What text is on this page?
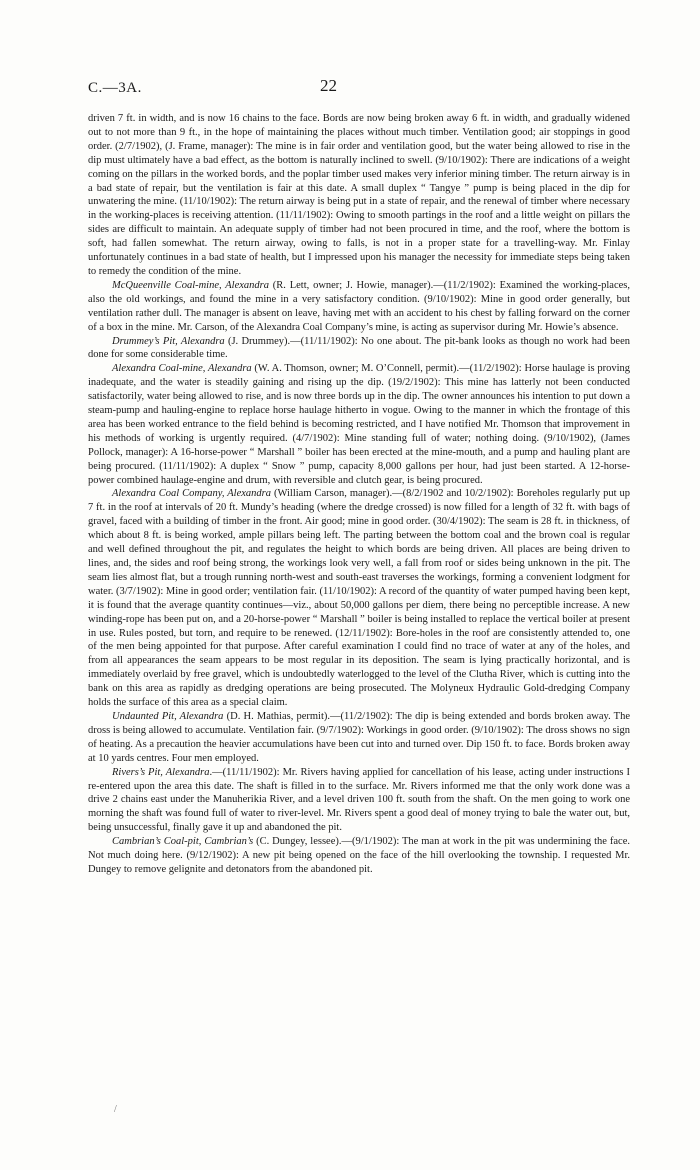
C.—3A.	22

driven 7 ft. in width, and is now 16 chains to the face. Bords are now being broken away 6 ft. in width, and gradually widened out to not more than 9 ft., in the hope of maintaining the places without much timber. Ventilation good; air stoppings in good order. (2/7/1902), (J. Frame, manager): The mine is in fair order and ventilation good, but the water being allowed to rise in the dip must ultimately have a bad effect, as the bottom is naturally inclined to swell. (9/10/1902): There are indications of a weight coming on the pillars in the worked bords, and the poplar timber used makes very inferior mining timber. The return airway is in a bad state of repair, but the ventilation is fair at this date. A small duplex “ Tangye ” pump is being placed in the dip for unwatering the mine. (11/10/1902): The return airway is being put in a state of repair, and the renewal of timber where necessary in the working-places is receiving attention. (11/11/1902): Owing to smooth partings in the roof and a little weight on pillars the sides are difficult to maintain. An adequate supply of timber had not been procured in time, and the roof, where the bottom is soft, had fallen somewhat. The return airway, owing to falls, is not in a proper state for a travelling-way. Mr. Finlay unfortunately continues in a bad state of health, but I impressed upon his manager the necessity for immediate steps being taken to remedy the condition of the mine.

McQueenville Coal-mine, Alexandra (R. Lett, owner; J. Howie, manager).—(11/2/1902): Examined the working-places, also the old workings, and found the mine in a very satisfactory condition. (9/10/1902): Mine in good order generally, but ventilation rather dull. The manager is absent on leave, having met with an accident to his chest by falling forward on the corner of a box in the mine. Mr. Carson, of the Alexandra Coal Company’s mine, is acting as supervisor during Mr. Howie’s absence.

Drummey’s Pit, Alexandra (J. Drummey).—(11/11/1902): No one about. The pit-bank looks as though no work had been done for some considerable time.

Alexandra Coal-mine, Alexandra (W. A. Thomson, owner; M. O’Connell, permit).—(11/2/1902): Horse haulage is proving inadequate, and the water is steadily gaining and rising up the dip. (19/2/1902): This mine has latterly not been conducted satisfactorily, water being allowed to rise, and is now three bords up in the dip. The owner announces his intention to put down a steam-pump and hauling-engine to replace horse haulage hitherto in vogue. Owing to the manner in which the frontage of this area has been worked entrance to the field behind is becoming restricted, and I have notified Mr. Thomson that improvement in his methods of working is urgently required. (4/7/1902): Mine standing full of water; nothing doing. (9/10/1902), (James Pollock, manager): A 16-horse-power “ Marshall ” boiler has been erected at the mine-mouth, and a pump and hauling plant are being procured. (11/11/1902): A duplex “ Snow ” pump, capacity 8,000 gallons per hour, had just been started. A 12-horse-power combined haulage-engine and drum, with reversible and clutch gear, is being procured.

Alexandra Coal Company, Alexandra (William Carson, manager).—(8/2/1902 and 10/2/1902): Boreholes regularly put up 7 ft. in the roof at intervals of 20 ft. Mundy’s heading (where the dredge crossed) is now filled for a length of 32 ft. with bags of gravel, faced with a building of timber in the front. Air good; mine in good order. (30/4/1902): The seam is 28 ft. in thickness, of which about 8 ft. is being worked, ample pillars being left. The parting between the bottom coal and the brown coal is regular and well defined throughout the pit, and regulates the height to which bords are being driven. All places are being driven to lines, and, the sides and roof being strong, the workings look very well, a fall from roof or sides being unknown in the pit. The seam lies almost flat, but a trough running north-west and south-east traverses the workings, forming a convenient lodgment for water. (3/7/1902): Mine in good order; ventilation fair. (11/10/1902): A record of the quantity of water pumped having been kept, it is found that the average quantity continues—viz., about 50,000 gallons per diem, there being no perceptible increase. A new winding-rope has been put on, and a 20-horse-power “ Marshall ” boiler is being installed to replace the vertical boiler at present in use. Rules posted, but torn, and require to be renewed. (12/11/1902): Bore-holes in the roof are consistently attended to, one of the men being appointed for that purpose. After careful examination I could find no trace of water at any of the holes, and from all appearances the seam appears to be most regular in its deposition. The seam is lying practically horizontal, and is immediately overlaid by free gravel, which is undoubtedly waterlogged to the level of the Clutha River, which is cutting into the bank on this area as rapidly as dredging operations are being prosecuted. The Molyneux Hydraulic Gold-dredging Company holds the surface of this area as a special claim.

Undaunted Pit, Alexandra (D. H. Mathias, permit).—(11/2/1902): The dip is being extended and bords broken away. The dross is being allowed to accumulate. Ventilation fair. (9/7/1902): Workings in good order. (9/10/1902): The dross shows no sign of heating. As a precaution the heavier accumulations have been cut into and turned over. Dip 150 ft. to face. Bords broken away at 10 yards centres. Four men employed.

Rivers’s Pit, Alexandra.—(11/11/1902): Mr. Rivers having applied for cancellation of his lease, acting under instructions I re-entered upon the area this date. The shaft is filled in to the surface. Mr. Rivers informed me that the only work done was a drive 2 chains east under the Manuherikia River, and a level driven 100 ft. south from the shaft. On the men going to work one morning the shaft was found full of water to river-level. Mr. Rivers spent a good deal of money trying to bale the water out, but, being unsuccessful, finally gave it up and abandoned the pit.

Cambrian’s Coal-pit, Cambrian’s (C. Dungey, lessee).—(9/1/1902): The man at work in the pit was undermining the face. Not much doing here. (9/12/1902): A new pit being opened on the face of the hill overlooking the township. I requested Mr. Dungey to remove gelignite and detonators from the abandoned pit.

/
